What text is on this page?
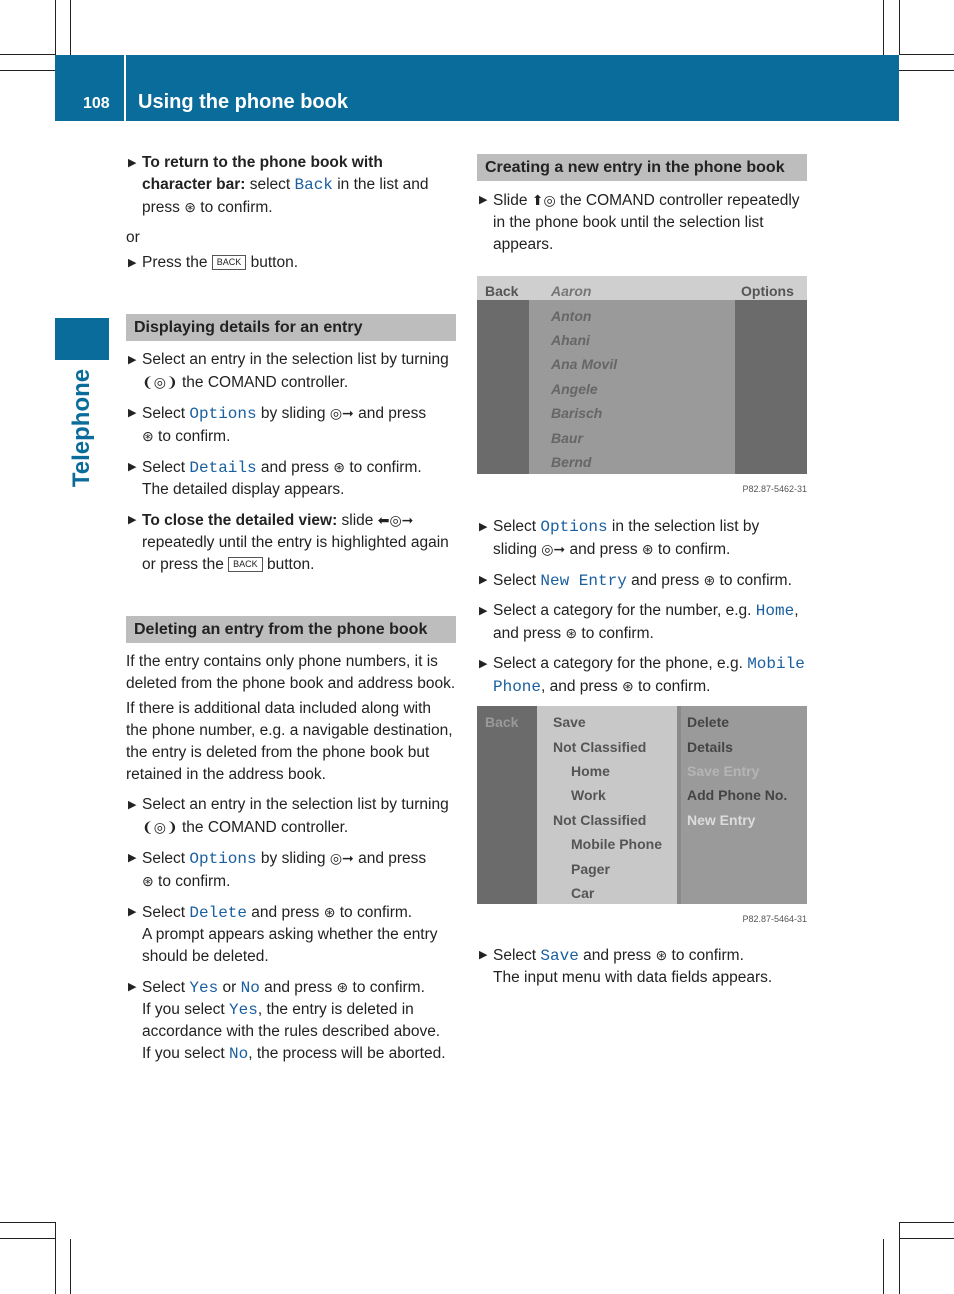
108 Using the phone book
Telephone
▶ To return to the phone book with character bar: select Back in the list and press ⊛ to confirm.
or
▶ Press the BACK button.
Displaying details for an entry
▶ Select an entry in the selection list by turning ❨◎❩ the COMAND controller.
▶ Select Options by sliding ◎➞ and press
⊛ to confirm.
▶ Select Details and press ⊛ to confirm.
The detailed display appears.
▶ To close the detailed view: slide ⬅◎➞ repeatedly until the entry is highlighted again or press the BACK button.
Deleting an entry from the phone book
If the entry contains only phone numbers, it is deleted from the phone book and address book.
If there is additional data included along with the phone number, e.g. a navigable destination, the entry is deleted from the phone book but retained in the address book.
▶ Select an entry in the selection list by turning ❨◎❩ the COMAND controller.
▶ Select Options by sliding ◎➞ and press
⊛ to confirm.
▶ Select Delete and press ⊛ to confirm.
A prompt appears asking whether the entry should be deleted.
▶ Select Yes or No and press ⊛ to confirm.
If you select Yes, the entry is deleted in accordance with the rules described above.
If you select No, the process will be aborted.
Creating a new entry in the phone book
▶ Slide ⬆◎ the COMAND controller repeatedly in the phone book until the selection list appears.
Back	Options
Aaron
Anton
Ahani
Ana Movil
Angele
Barisch
Baur
Bernd
P82.87-5462-31
▶ Select Options in the selection list by sliding ◎➞ and press ⊛ to confirm.
▶ Select New Entry and press ⊛ to confirm.
▶ Select a category for the number, e.g. Home, and press ⊛ to confirm.
▶ Select a category for the phone, e.g. Mobile Phone, and press ⊛ to confirm.
Back Save
Not Classified
Home
Work
Not Classified
Mobile Phone
Pager
Car
Delete
Details
Save Entry
Add Phone No.
New Entry
P82.87-5464-31
▶ Select Save and press ⊛ to confirm.
The input menu with data fields appears.
